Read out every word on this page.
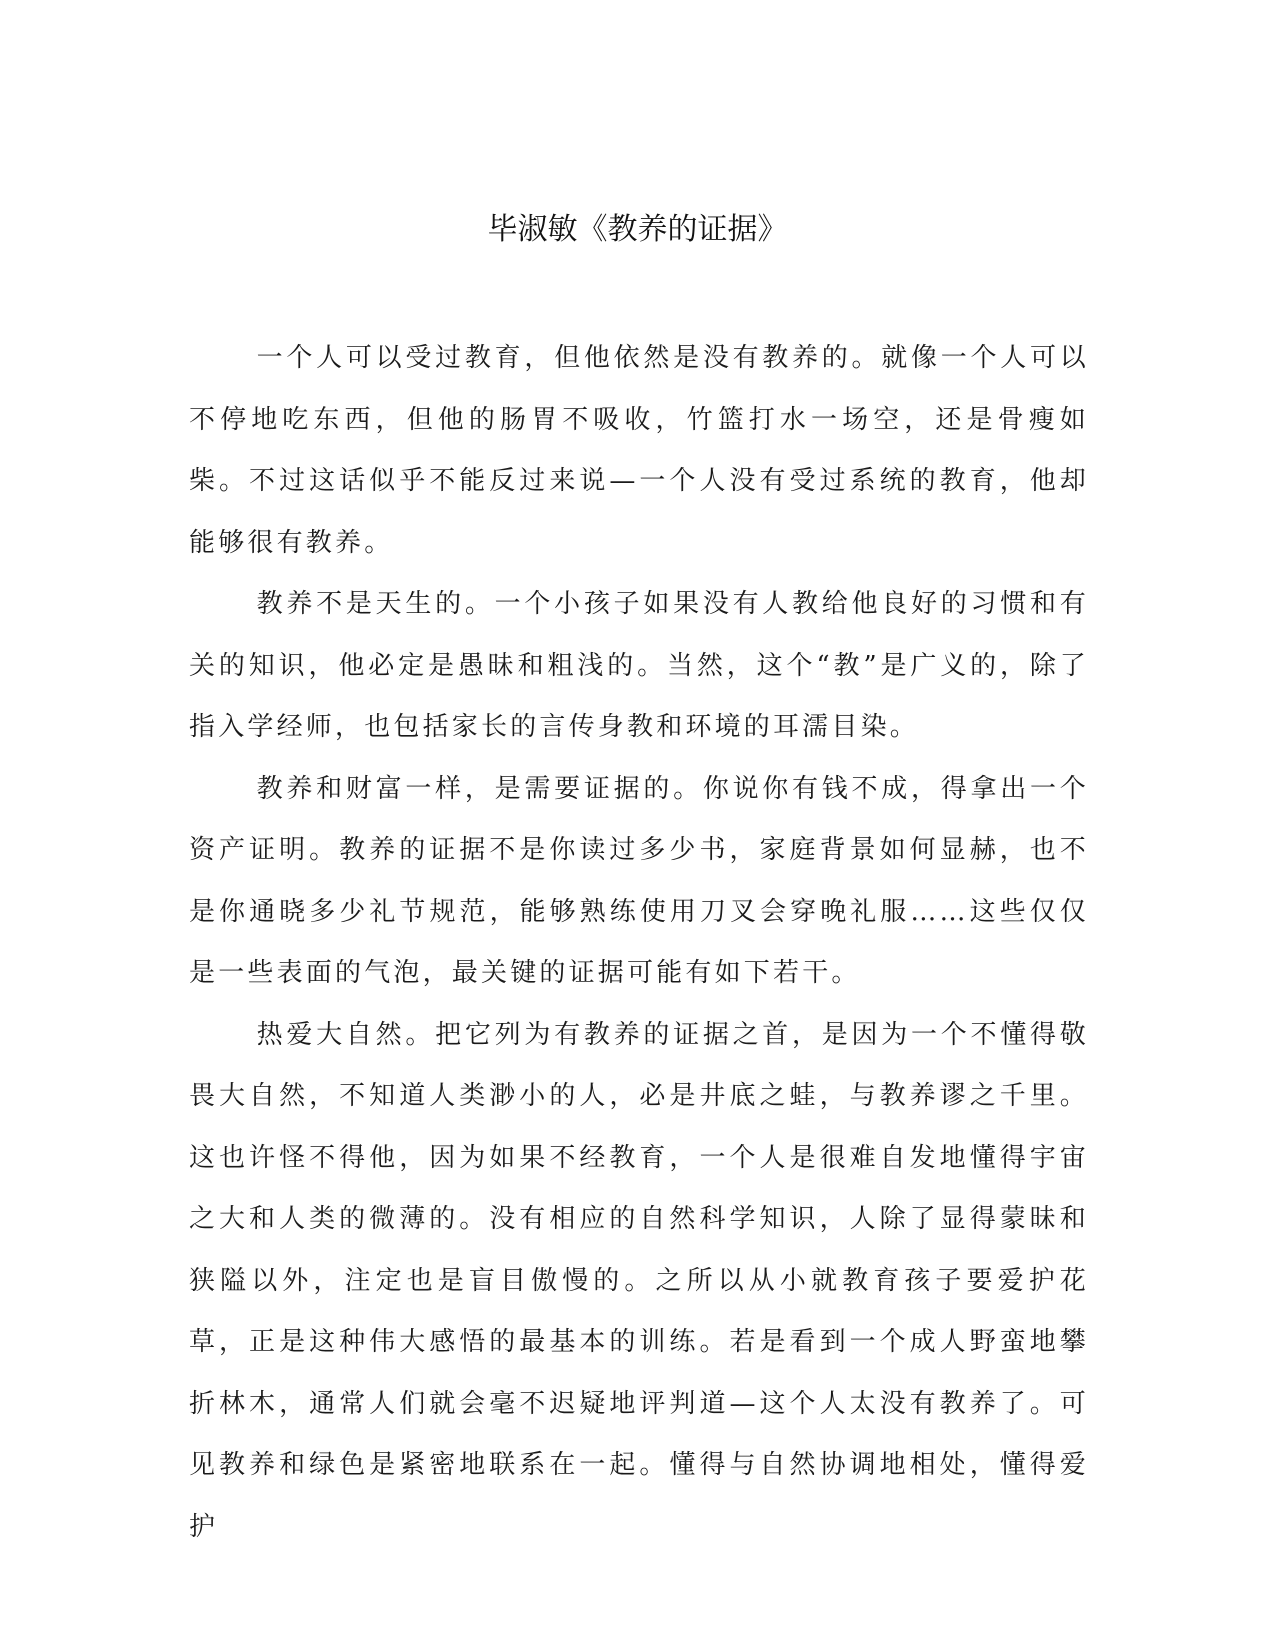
毕淑敏《教养的证据》

一个人可以受过教育，但他依然是没有教养的。就像一个人可以不停地吃东西，但他的肠胃不吸收，竹篮打水一场空，还是骨瘦如柴。不过这话似乎不能反过来说—一个人没有受过系统的教育，他却能够很有教养。

教养不是天生的。一个小孩子如果没有人教给他良好的习惯和有关的知识，他必定是愚昧和粗浅的。当然，这个“教”是广义的，除了指入学经师，也包括家长的言传身教和环境的耳濡目染。

教养和财富一样，是需要证据的。你说你有钱不成，得拿出一个资产证明。教养的证据不是你读过多少书，家庭背景如何显赫，也不是你通晓多少礼节规范，能够熟练使用刀叉会穿晚礼服……这些仅仅是一些表面的气泡，最关键的证据可能有如下若干。

热爱大自然。把它列为有教养的证据之首，是因为一个不懂得敬畏大自然，不知道人类渺小的人，必是井底之蛙，与教养谬之千里。这也许怪不得他，因为如果不经教育，一个人是很难自发地懂得宇宙之大和人类的微薄的。没有相应的自然科学知识，人除了显得蒙昧和狭隘以外，注定也是盲目傲慢的。之所以从小就教育孩子要爱护花草，正是这种伟大感悟的最基本的训练。若是看到一个成人野蛮地攀折林木，通常人们就会毫不迟疑地评判道—这个人太没有教养了。可见教养和绿色是紧密地联系在一起。懂得与自然协调地相处，懂得爱护
